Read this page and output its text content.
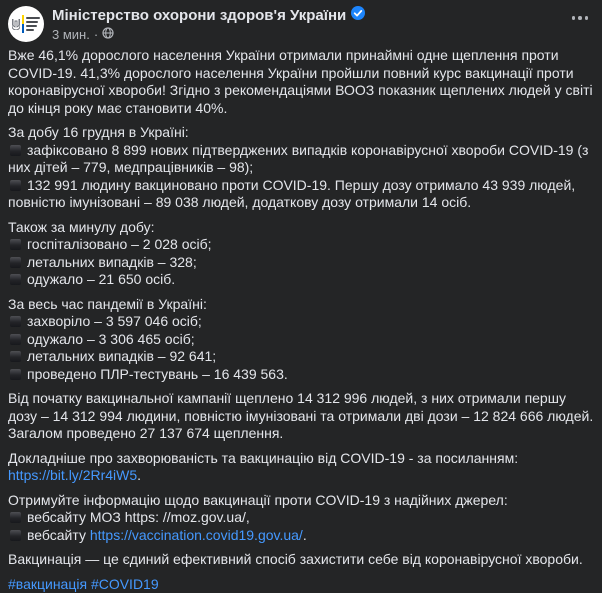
Міністерство охорони здоров'я України
3 мин. ·
Вже 46,1% дорослого населення України отримали принаймні одне щеплення проти COVID-19. 41,3% дорослого населення України пройшли повний курс вакцинації проти коронавірусної хвороби! Згідно з рекомендаціями ВООЗ показник щеплених людей у світі до кінця року має становити 40%.
За добу 16 грудня в Україні:
зафіксовано 8 899 нових підтверджених випадків коронавірусної хвороби COVID-19 (з них дітей – 779, медпрацівників – 98);
132 991 людину вакциновано проти COVID-19. Першу дозу отримало 43 939 людей, повністю імунізовані – 89 038 людей, додаткову дозу отримали 14 осіб.
Також за минулу добу:
госпіталізовано – 2 028 осіб;
летальних випадків – 328;
одужало – 21 650 осіб.
За весь час пандемії в Україні:
захворіло – 3 597 046 осіб;
одужало – 3 306 465 осіб;
летальних випадків – 92 641;
проведено ПЛР-тестувань – 16 439 563.
Від початку вакцинальної кампанії щеплено 14 312 996 людей, з них отримали першу дозу – 14 312 994 людини, повністю імунізовані та отримали дві дози – 12 824 666 людей. Загалом проведено 27 137 674 щеплення.
Докладніше про захворюваність та вакцинацію від COVID-19 - за посиланням:
https://bit.ly/2Rr4iW5.
Отримуйте інформацію щодо вакцинації проти COVID-19 з надійних джерел:
вебсайту МОЗ https: //moz.gov.ua/,
вебсайту https://vaccination.covid19.gov.ua/.
Вакцинація — це єдиний ефективний спосіб захистити себе від коронавірусної хвороби.
#вакцинація #COVID19
